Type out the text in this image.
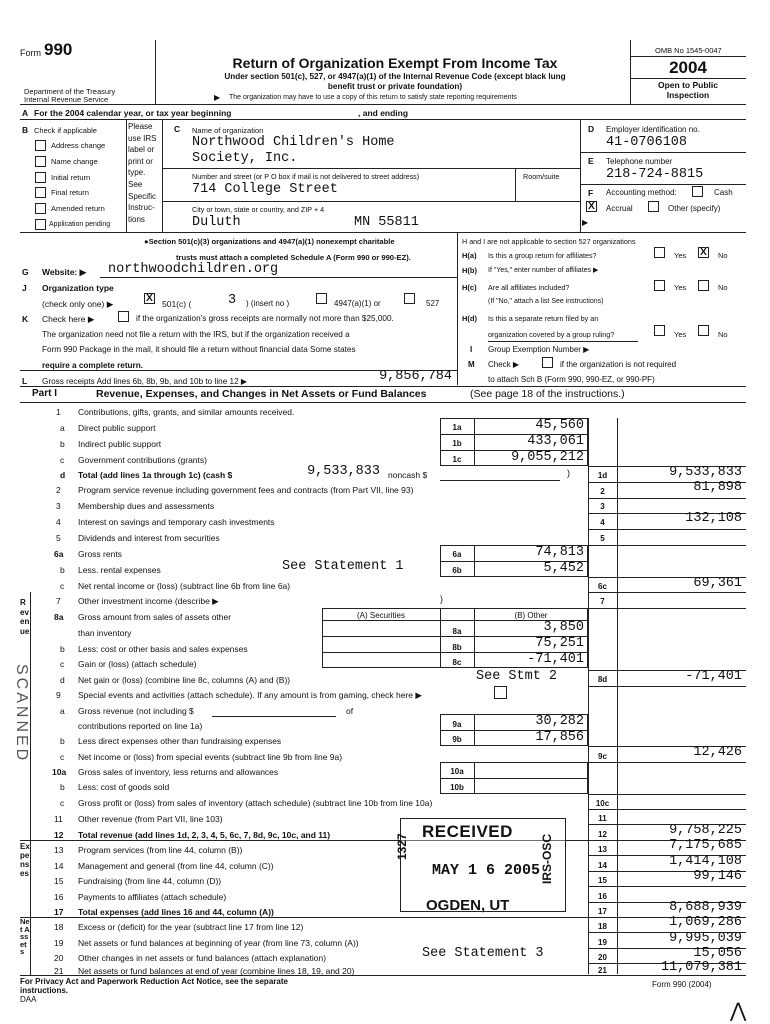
Form 990
Return of Organization Exempt From Income Tax
Under section 501(c), 527, or 4947(a)(1) of the Internal Revenue Code (except black lung
benefit trust or private foundation)
▶ The organization may have to use a copy of this return to satisfy state reporting requirements
Department of the Treasury
Internal Revenue Service
OMB No 1545-0047
2004
Open to Public
Inspection
A For the 2004 calendar year, or tax year beginning	, and ending
B Check if applicable	Please
use IRS
label or
print or
type.
See
Specific
Instruc-
tions
Address change
Name change
Initial return
Final return
Amended return
Application pending
C Name of organization
Northwood Children's Home
Society, Inc.
Number and street (or P O box if mail is not delivered to street address)	Room/suite
714 College Street
City or town, state or country, and ZIP + 4
Duluth	MN 55811
D Employer identification no.
41-0706108
E Telephone number
218-724-8815
F Accounting method:	Cash
X Accrual	Other (specify)
▶
●Section 501(c)(3) organizations and 4947(a)(1) nonexempt charitable
trusts must attach a completed Schedule A (Form 990 or 990-EZ).
H and I are not applicable to section 527 organizations
H(a) Is this a group return for affiliates?	Yes X No
H(b) If "Yes," enter number of affiliates ▶
H(c) Are all affiliates included?	Yes	No
(If "No," attach a list See instructions)
H(d) Is this a separate return filed by an
organization covered by a group ruling?	Yes	No
I Group Exemption Number ▶
M Check ▶	if the organization is not required
to attach Sch B (Form 990, 990-EZ, or 990-PF)
G Website: ▶ northwoodchildren.org
J Organization type
(check only one) ▶	X 501(c) (	3 ) (insert no )	4947(a)(1) or	527
K Check here ▶	if the organization's gross receipts are normally not more than $25,000.
The organization need not file a return with the IRS, but if the organization received a
Form 990 Package in the mail, it should file a return without financial data Some states
require a complete return.
L Gross receipts Add lines 6b, 8b, 9b, and 10b to line 12 ▶	9,856,784
Part I	Revenue, Expenses, and Changes in Net Assets or Fund Balances	(See page 18 of the instructions.)
Revenue
Expenses
Net Assets
1 Contributions, gifts, grants, and similar amounts received.
a Direct public support	1a	45,560
b Indirect public support	1b	433,061
c Government contributions (grants)	1c	9,055,212
d Total (add lines 1a through 1c) (cash $	9,533,833 noncash $	)	1d	9,533,833
2 Program service revenue including government fees and contracts (from Part VII, line 93)	2	81,898
3 Membership dues and assessments	3
4 Interest on savings and temporary cash investments	4	132,108
5 Dividends and interest from securities	5
6a Gross rents	6a	74,813
b Less. rental expenses	See Statement 1	6b	5,452
c Net rental income or (loss) (subtract line 6b from line 6a)	6c	69,361
7 Other investment income (describe ▶	)	7
8a Gross amount from sales of assets other
than inventory
(A) Securities	(B) Other
8a	3,850
b Less: cost or other basis and sales expenses	8b	75,251
c Gain or (loss) (attach schedule)	8c	-71,401
d Net gain or (loss) (combine line 8c, columns (A) and (B))	See Stmt 2	8d	-71,401
9 Special events and activities (attach schedule). If any amount is from gaming, check here ▶
a Gross revenue (not including $	of
contributions reported on line 1a)	9a	30,282
b Less direct expenses other than fundraising expenses	9b	17,856
c Net income or (loss) from special events (subtract line 9b from line 9a)	9c	12,426
10a Gross sales of inventory, less returns and allowances	10a
b Less: cost of goods sold	10b
c Gross profit or (loss) from sales of inventory (attach schedule) (subtract line 10b from line 10a)	10c
11 Other revenue (from Part VII, line 103)	11
12 Total revenue (add lines 1d, 2, 3, 4, 5, 6c, 7, 8d, 9c, 10c, and 11)	12	9,758,225
13 Program services (from line 44, column (B))	13	7,175,685
14 Management and general (from line 44, column (C))	14	1,414,108
15 Fundraising (from line 44, column (D))	15	99,146
16 Payments to affiliates (attach schedule)	16
17 Total expenses (add lines 16 and 44, column (A))	17	8,688,939
18 Excess or (deficit) for the year (subtract line 17 from line 12)	18	1,069,286
19 Net assets or fund balances at beginning of year (from line 73, column (A))	19	9,995,039
20 Other changes in net assets or fund balances (attach explanation)	See Statement 3	20	15,056
21 Net assets or fund balances at end of year (combine lines 18, 19, and 20)	21	11,079,381
RECEIVED
MAY 1 6 2005
1327	IRS-OSC
OGDEN, UT
SCANNED
For Privacy Act and Paperwork Reduction Act Notice, see the separate
instructions.
DAA
Form 990 (2004)
⋀
